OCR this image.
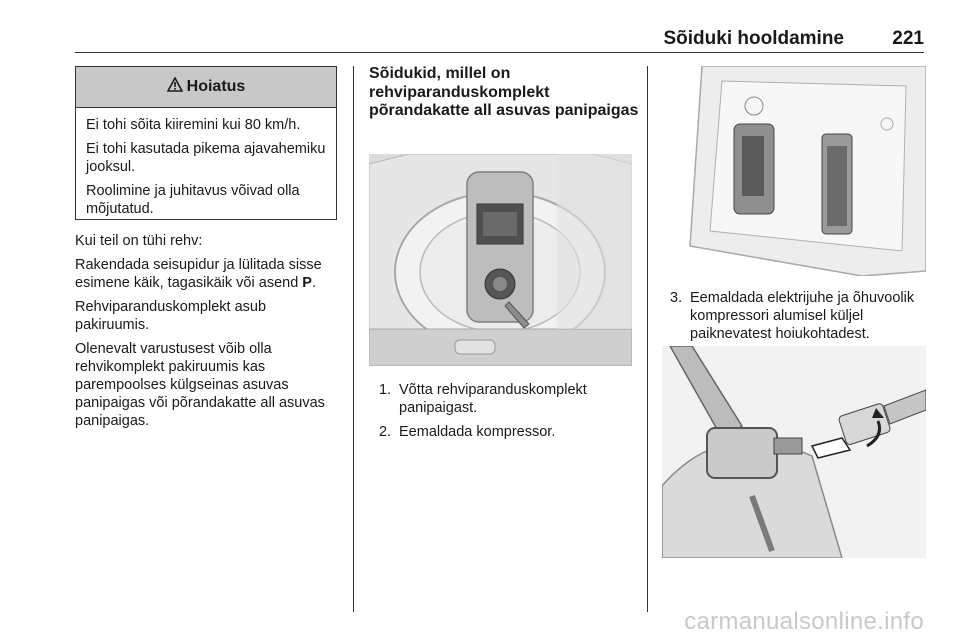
Sõiduki hooldamine	221
Hoiatus

Ei tohi sõita kiiremini kui 80 km/h.

Ei tohi kasutada pikema ajavahemiku jooksul.

Roolimine ja juhitavus võivad olla mõjutatud.

Kui teil on tühi rehv:

Rakendada seisupidur ja lülitada sisse esimene käik, tagasikäik või asend P.

Rehviparanduskomplekt asub pakiruumis.

Olenevalt varustusest võib olla rehvikomplekt pakiruumis kas parempoolses külgseinas asuvas panipaigas või põrandakatte all asuvas panipaigas.

Sõidukid, millel on rehviparanduskomplekt põrandakatte all asuvas panipaigas
1. Võtta rehviparanduskomplekt panipaigast.
2. Eemaldada kompressor.
3. Eemaldada elektrijuhe ja õhuvoolik kompressori alumisel küljel paiknevatest hoiukohtadest.
carmanualsonline.info
